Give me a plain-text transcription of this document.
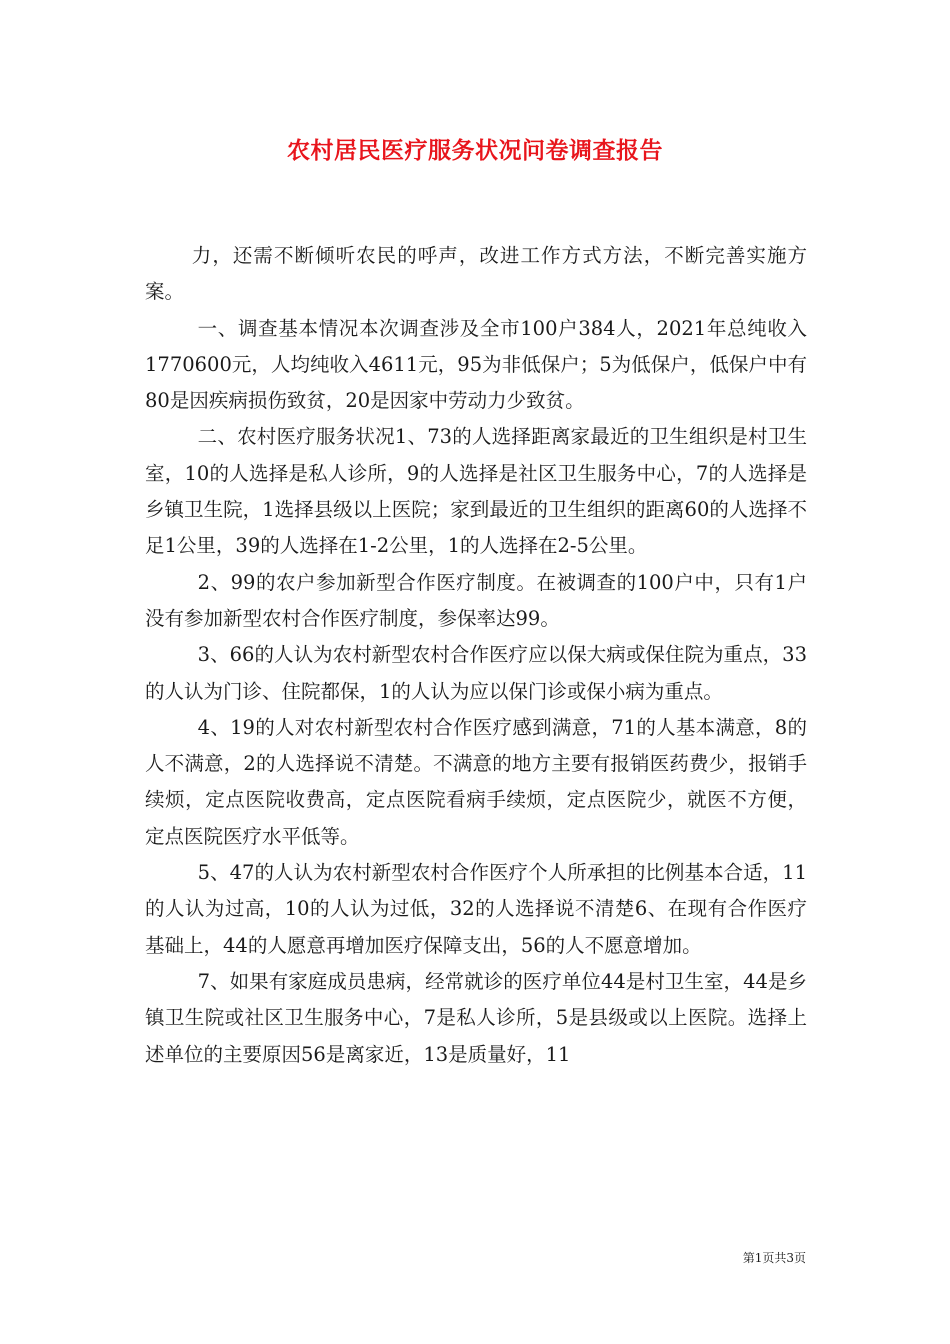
农村居民医疗服务状况问卷调查报告

力，还需不断倾听农民的呼声，改进工作方式方法，不断完善实施方案。

一、调查基本情况本次调查涉及全市100户384人，2021年总纯收入1770600元，人均纯收入4611元，95为非低保户；5为低保户，低保户中有80是因疾病损伤致贫，20是因家中劳动力少致贫。

二、农村医疗服务状况1、73的人选择距离家最近的卫生组织是村卫生室，10的人选择是私人诊所，9的人选择是社区卫生服务中心，7的人选择是乡镇卫生院，1选择县级以上医院；家到最近的卫生组织的距离60的人选择不足1公里，39的人选择在1-2公里，1的人选择在2-5公里。

2、99的农户参加新型合作医疗制度。在被调查的100户中，只有1户没有参加新型农村合作医疗制度，参保率达99。

3、66的人认为农村新型农村合作医疗应以保大病或保住院为重点，33的人认为门诊、住院都保，1的人认为应以保门诊或保小病为重点。

4、19的人对农村新型农村合作医疗感到满意，71的人基本满意，8的人不满意，2的人选择说不清楚。不满意的地方主要有报销医药费少，报销手续烦，定点医院收费高，定点医院看病手续烦，定点医院少，就医不方便，定点医院医疗水平低等。

5、47的人认为农村新型农村合作医疗个人所承担的比例基本合适，11的人认为过高，10的人认为过低，32的人选择说不清楚6、在现有合作医疗基础上，44的人愿意再增加医疗保障支出，56的人不愿意增加。

7、如果有家庭成员患病，经常就诊的医疗单位44是村卫生室，44是乡镇卫生院或社区卫生服务中心，7是私人诊所，5是县级或以上医院。选择上述单位的主要原因56是离家近，13是质量好，11

第1页共3页
